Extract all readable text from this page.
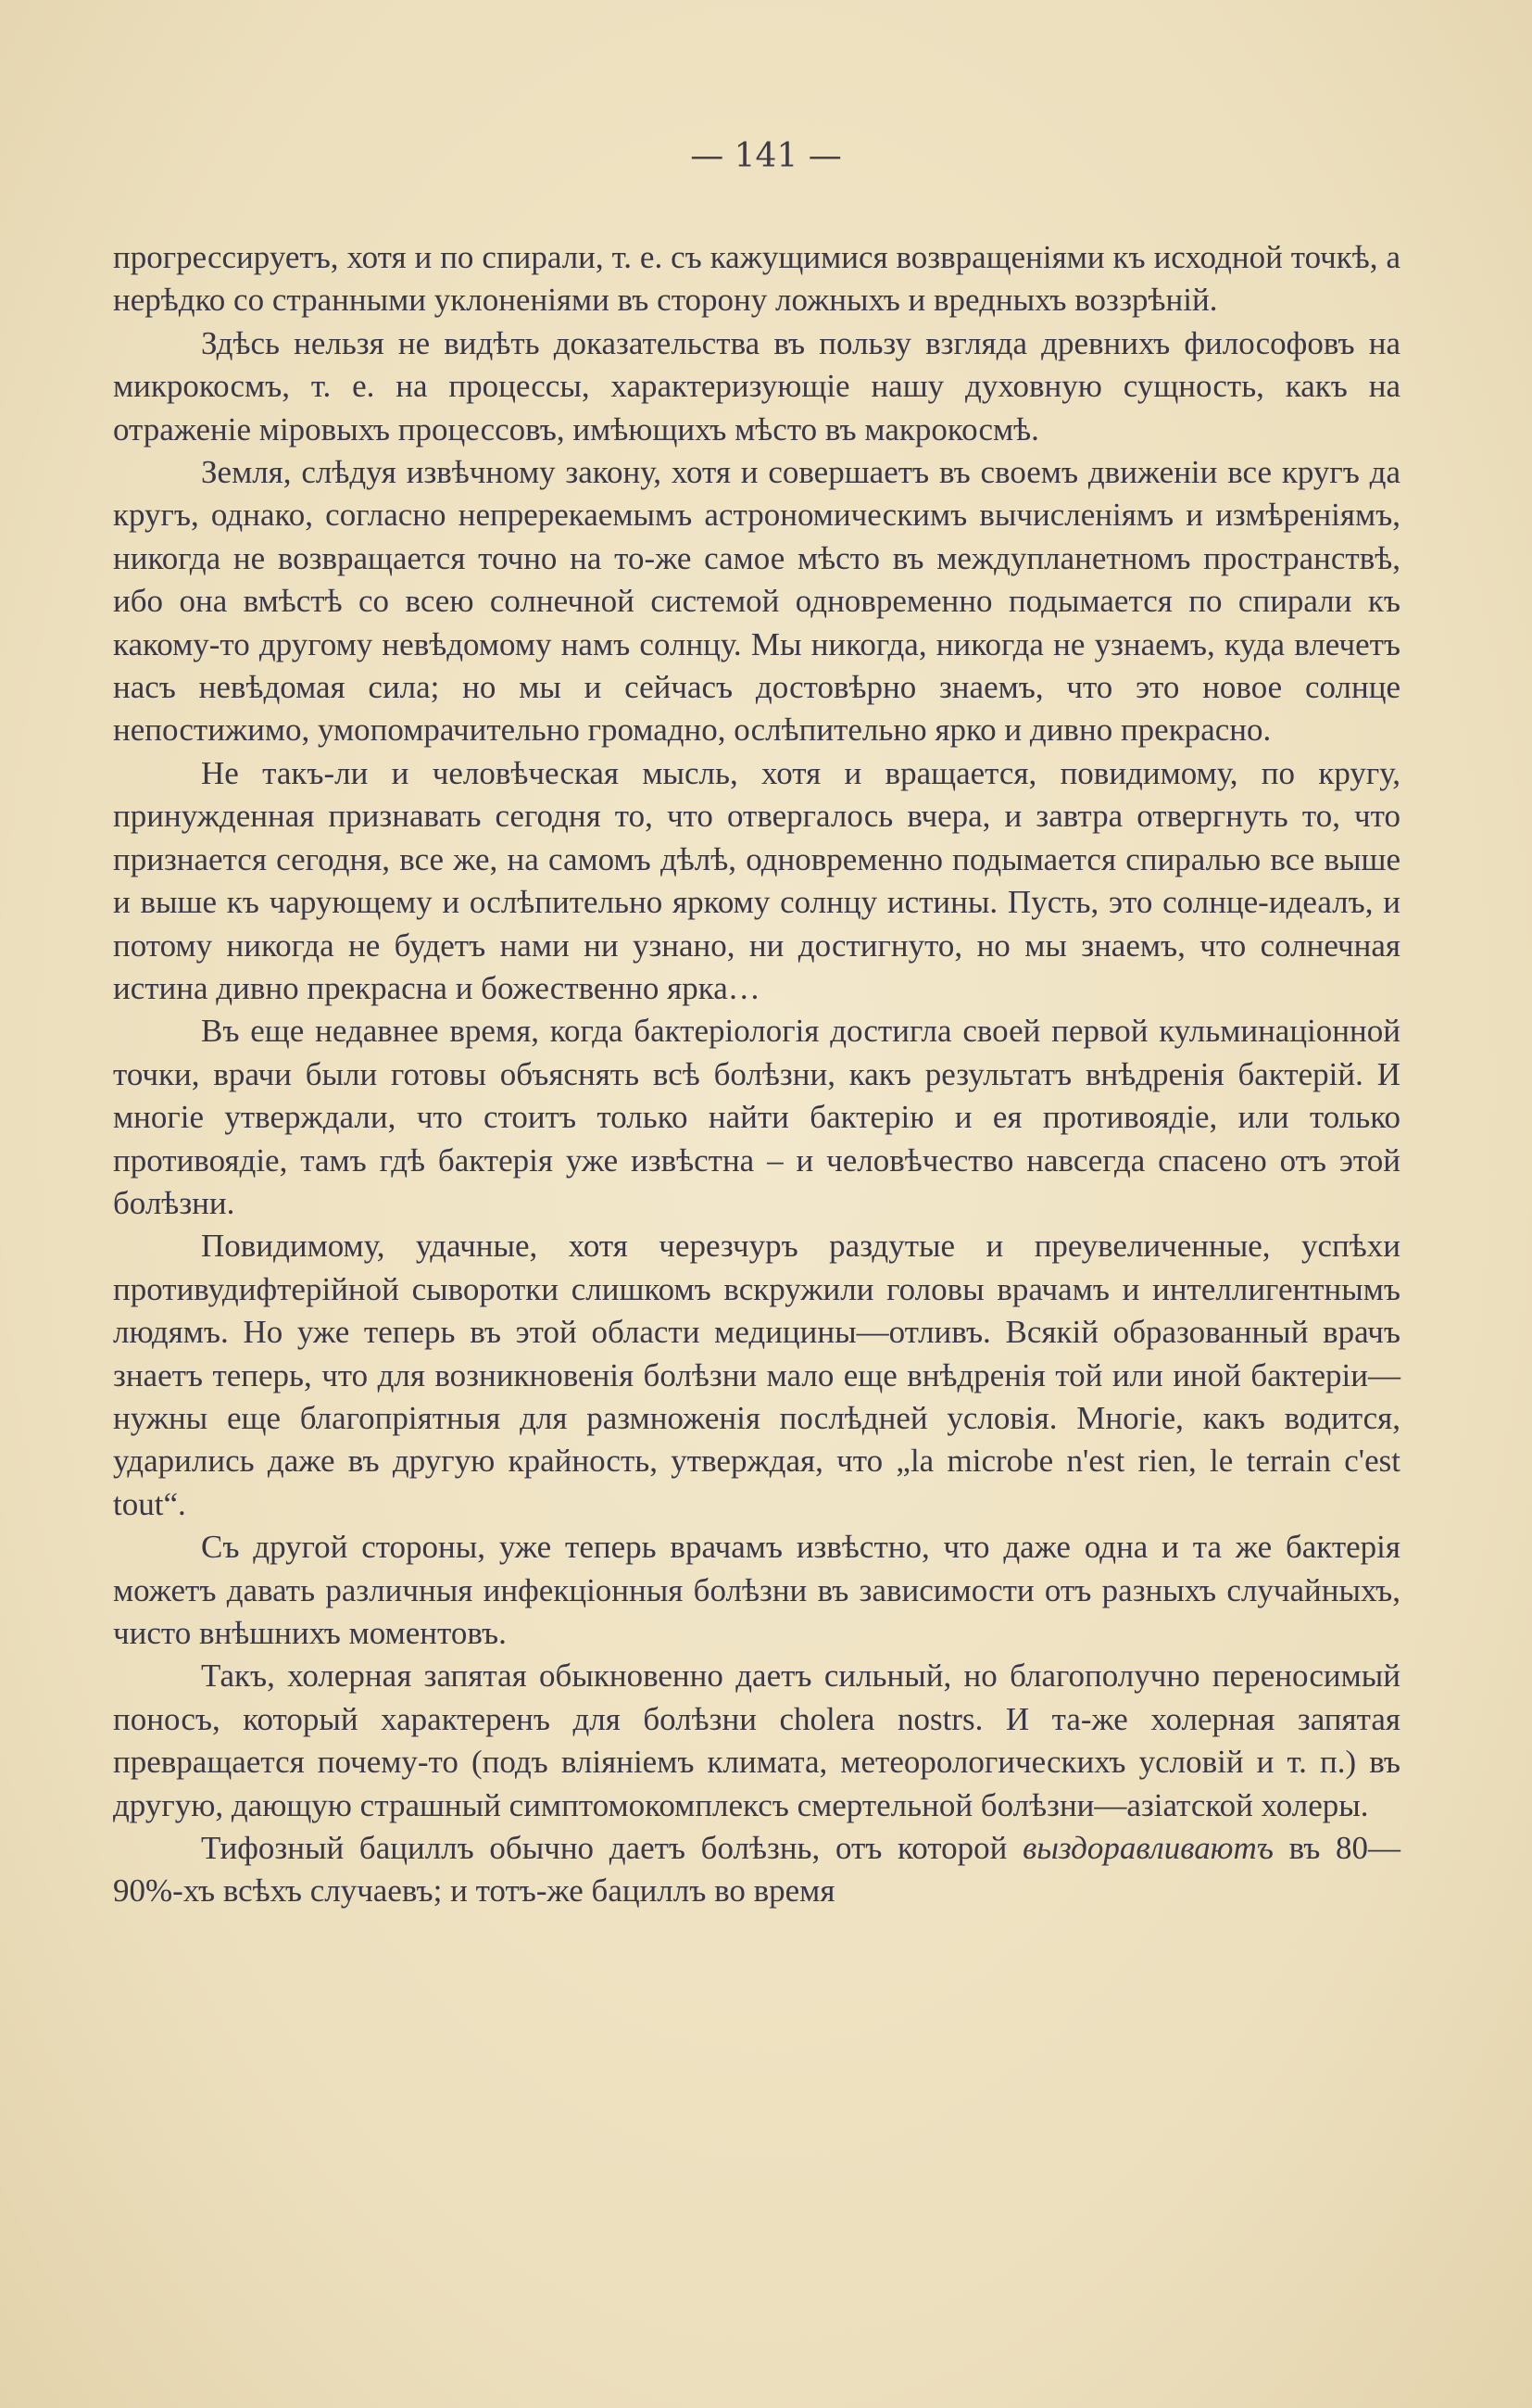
— 141 —

прогрессируетъ, хотя и по спирали, т. е. съ кажущимися возвращеніями къ исходной точкѣ, а нерѣдко со странными уклоненіями въ сторону ложныхъ и вредныхъ воззрѣній.

Здѣсь нельзя не видѣть доказательства въ пользу взгляда древнихъ философовъ на микрокосмъ, т. е. на процессы, характеризующіе нашу духовную сущность, какъ на отраженіе міровыхъ процессовъ, имѣющихъ мѣсто въ макрокосмѣ.

Земля, слѣдуя извѣчному закону, хотя и совершаетъ въ своемъ движеніи все кругъ да кругъ, однако, согласно непререкаемымъ астрономическимъ вычисленіямъ и измѣреніямъ, никогда не возвращается точно на то-же самое мѣсто въ междупланетномъ пространствѣ, ибо она вмѣстѣ со всею солнечной системой одновременно подымается по спирали къ какому-то другому невѣдомому намъ солнцу. Мы никогда, никогда не узнаемъ, куда влечетъ насъ невѣдомая сила; но мы и сейчасъ достовѣрно знаемъ, что это новое солнце непостижимо, умопомрачительно громадно, ослѣпительно ярко и дивно прекрасно.

Не такъ-ли и человѣческая мысль, хотя и вращается, повидимому, по кругу, принужденная признавать сегодня то, что отвергалось вчера, и завтра отвергнуть то, что признается сегодня, все же, на самомъ дѣлѣ, одновременно подымается спиралью все выше и выше къ чарующему и ослѣпительно яркому солнцу истины. Пусть, это солнце-идеалъ, и потому никогда не будетъ нами ни узнано, ни достигнуто, но мы знаемъ, что солнечная истина дивно прекрасна и божественно ярка…

Въ еще недавнее время, когда бактеріологія достигла своей первой кульминаціонной точки, врачи были готовы объяснять всѣ болѣзни, какъ результатъ внѣдренія бактерій. И многіе утверждали, что стоитъ только найти бактерію и ея противоядіе, или только противоядіе, тамъ гдѣ бактерія уже извѣстна – и человѣчество навсегда спасено отъ этой болѣзни.

Повидимому, удачные, хотя черезчуръ раздутые и преувеличенные, успѣхи противудифтерійной сыворотки слишкомъ вскружили головы врачамъ и интеллигентнымъ людямъ. Но уже теперь въ этой области медицины—отливъ. Всякій образованный врачъ знаетъ теперь, что для возникновенія болѣзни мало еще внѣдренія той или иной бактеріи—нужны еще благопріятныя для размноженія послѣдней условія. Многіе, какъ водится, ударились даже въ другую крайность, утверждая, что „la microbe n'est rien, le terrain c'est tout“.

Съ другой стороны, уже теперь врачамъ извѣстно, что даже одна и та же бактерія можетъ давать различныя инфекціонныя болѣзни въ зависимости отъ разныхъ случайныхъ, чисто внѣшнихъ моментовъ.

Такъ, холерная запятая обыкновенно даетъ сильный, но благополучно переносимый поносъ, который характеренъ для болѣзни cholera nostrs. И та-же холерная запятая превращается почему-то (подъ вліяніемъ климата, метеорологическихъ условій и т. п.) въ другую, дающую страшный симптомокомплексъ смертельной болѣзни—азіатской холеры.

Тифозный бациллъ обычно даетъ болѣзнь, отъ которой выздоравливаютъ въ 80—90%-хъ всѣхъ случаевъ; и тотъ-же бациллъ во время
